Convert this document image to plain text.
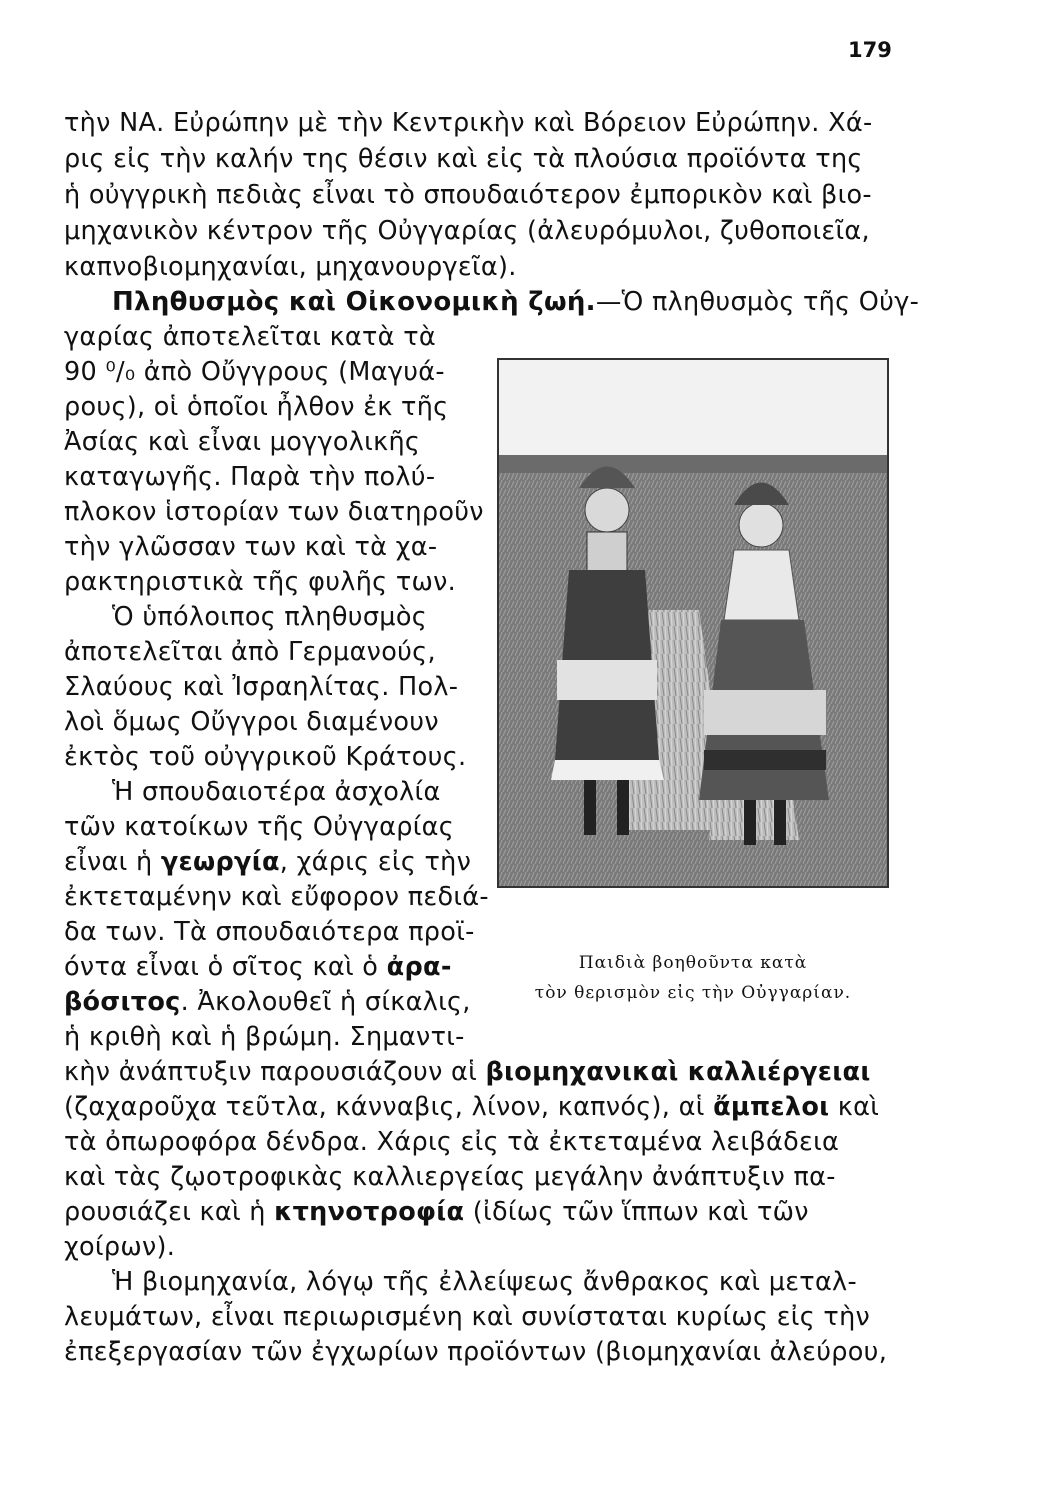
179
τὴν ΝΑ. Εὐρώπην μὲ τὴν Κεντρικὴν καὶ Βόρειον Εὐρώπην. Χά-
ρις εἰς τὴν καλήν της θέσιν καὶ εἰς τὰ πλούσια προϊόντα της
ἡ οὐγγρικὴ πεδιὰς εἶναι τὸ σπουδαιότερον ἐμπορικὸν καὶ βιο-
μηχανικὸν κέντρον τῆς Οὐγγαρίας (ἀλευρόμυλοι, ζυθοποιεῖα,
καπνοβιομηχανίαι, μηχανουργεῖα).
Πληθυσμὸς καὶ Οἰκονομικὴ ζωή.—Ὁ πληθυσμὸς τῆς Οὐγ-
γαρίας ἀποτελεῖται κατὰ τὰ
90 ⁰/₀ ἀπὸ Οὔγγρους (Μαγυά-
ρους), οἱ ὁποῖοι ἦλθον ἐκ τῆς
Ἀσίας καὶ εἶναι μογγολικῆς
καταγωγῆς. Παρὰ τὴν πολύ-
πλοκον ἱστορίαν των διατηροῦν
τὴν γλῶσσαν των καὶ τὰ χα-
ρακτηριστικὰ τῆς φυλῆς των.
Ὁ ὑπόλοιπος πληθυσμὸς
ἀποτελεῖται ἀπὸ Γερμανούς,
Σλαύους καὶ Ἰσραηλίτας. Πολ-
λοὶ ὅμως Οὔγγροι διαμένουν
ἐκτὸς τοῦ οὐγγρικοῦ Κράτους.
Ἡ σπουδαιοτέρα ἀσχολία
τῶν κατοίκων τῆς Οὐγγαρίας
εἶναι ἡ γεωργία, χάρις εἰς τὴν
ἐκτεταμένην καὶ εὔφορον πεδιά-
δα των. Τὰ σπουδαιότερα προϊ-
όντα εἶναι ὁ σῖτος καὶ ὁ ἀρα-
βόσιτος. Ἀκολουθεῖ ἡ σίκαλις,
ἡ κριθὴ καὶ ἡ βρώμη. Σημαντι-
κὴν ἀνάπτυξιν παρουσιάζουν αἱ βιομηχανικαὶ καλλιέργειαι
(ζαχαροῦχα τεῦτλα, κάνναβις, λίνον, καπνός), αἱ ἄμπελοι καὶ
τὰ ὀπωροφόρα δένδρα. Χάρις εἰς τὰ ἐκτεταμένα λειβάδεια
καὶ τὰς ζῳοτροφικὰς καλλιεργείας μεγάλην ἀνάπτυξιν πα-
ρουσιάζει καὶ ἡ κτηνοτροφία (ἰδίως τῶν ἵππων καὶ τῶν
χοίρων).
Ἡ βιομηχανία, λόγῳ τῆς ἐλλείψεως ἄνθρακος καὶ μεταλ-
λευμάτων, εἶναι περιωρισμένη καὶ συνίσταται κυρίως εἰς τὴν
ἐπεξεργασίαν τῶν ἐγχωρίων προϊόντων (βιομηχανίαι ἀλεύρου,
Παιδιὰ βοηθοῦντα κατὰ
τὸν θερισμὸν εἰς τὴν Οὐγγαρίαν.
